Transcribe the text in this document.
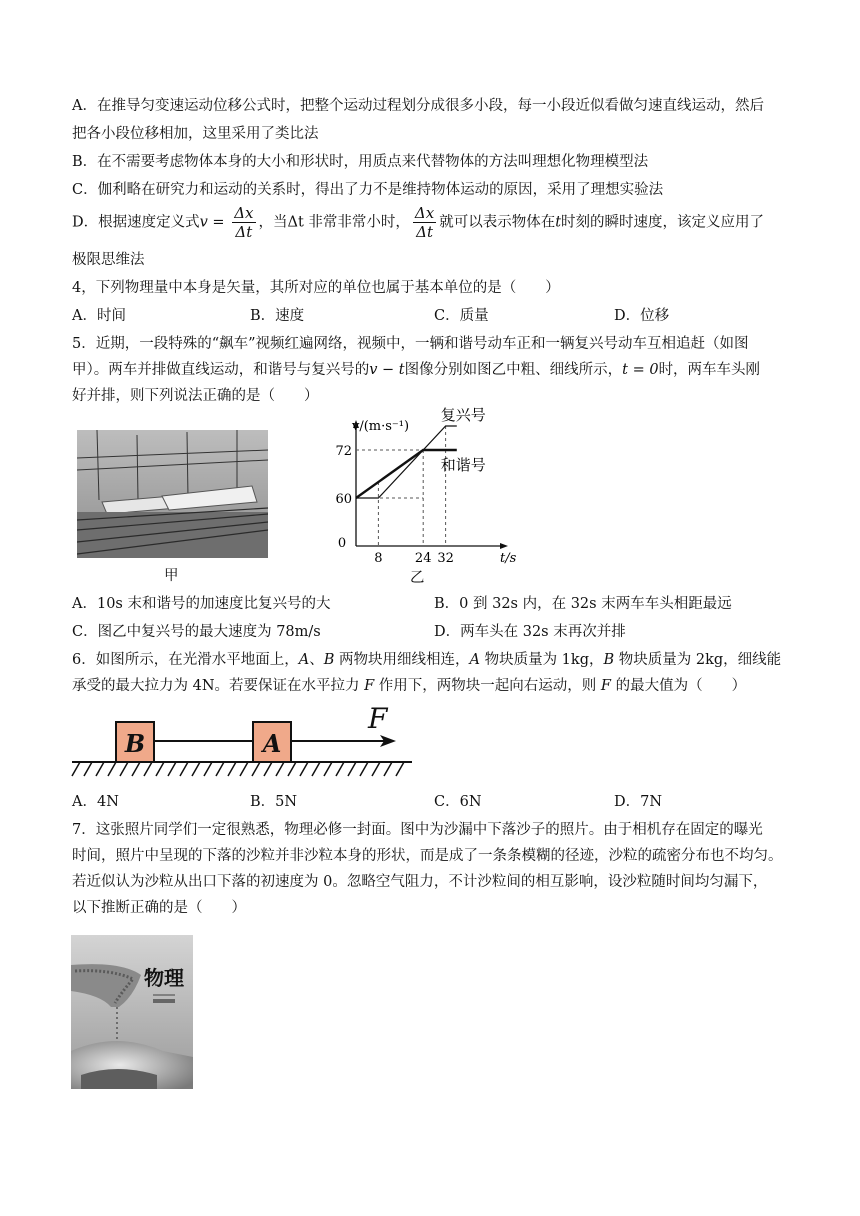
A．在推导匀变速运动位移公式时，把整个运动过程划分成很多小段，每一小段近似看做匀速直线运动，然后
把各小段位移相加，这里采用了类比法
B．在不需要考虑物体本身的大小和形状时，用质点来代替物体的方法叫理想化物理模型法
C．伽利略在研究力和运动的关系时，得出了力不是维持物体运动的原因，采用了理想实验法
D．根据速度定义式$v = \frac{\Delta x}{\Delta t}$ ，当Δt 非常非常小时， $\frac{\Delta x}{\Delta t}$ 就可以表示物体在t时刻的瞬时速度，该定义应用了
极限思维法
4，下列物理量中本身是矢量，其所对应的单位也属于基本单位的是（　　）
A．时间	B．速度	C．质量	D．位移
5．近期，一段特殊的“飙车”视频红遍网络，视频中，一辆和谐号动车正和一辆复兴号动车互相追赶（如图
甲）。两车并排做直线运动，和谐号与复兴号的v − t图像分别如图乙中粗、细线所示，t = 0时，两车车头刚
好并排，则下列说法正确的是（　　）
甲
v/(m·s⁻¹)
t/s
0
8 24 32
60
72
复兴号
和谐号
乙
A．10s 末和谐号的加速度比复兴号的大	B．0 到 32s 内，在 32s 末两车车头相距最远
C．图乙中复兴号的最大速度为 78m/s	D．两车头在 32s 末再次并排
6．如图所示，在光滑水平地面上，A、B 两物块用细线相连，A 物块质量为 1kg，B 物块质量为 2kg，细线能
承受的最大拉力为 4N。若要保证在水平拉力 F 作用下，两物块一起向右运动，则 F 的最大值为（　　）
B	A
F
A．4N	B．5N	C．6N	D．7N
7．这张照片同学们一定很熟悉，物理必修一封面。图中为沙漏中下落沙子的照片。由于相机存在固定的曝光
时间，照片中呈现的下落的沙粒并非沙粒本身的形状，而是成了一条条模糊的径迹，沙粒的疏密分布也不均匀。
若近似认为沙粒从出口下落的初速度为 0。忽略空气阻力，不计沙粒间的相互影响，设沙粒随时间均匀漏下，
以下推断正确的是（　　）
物理
